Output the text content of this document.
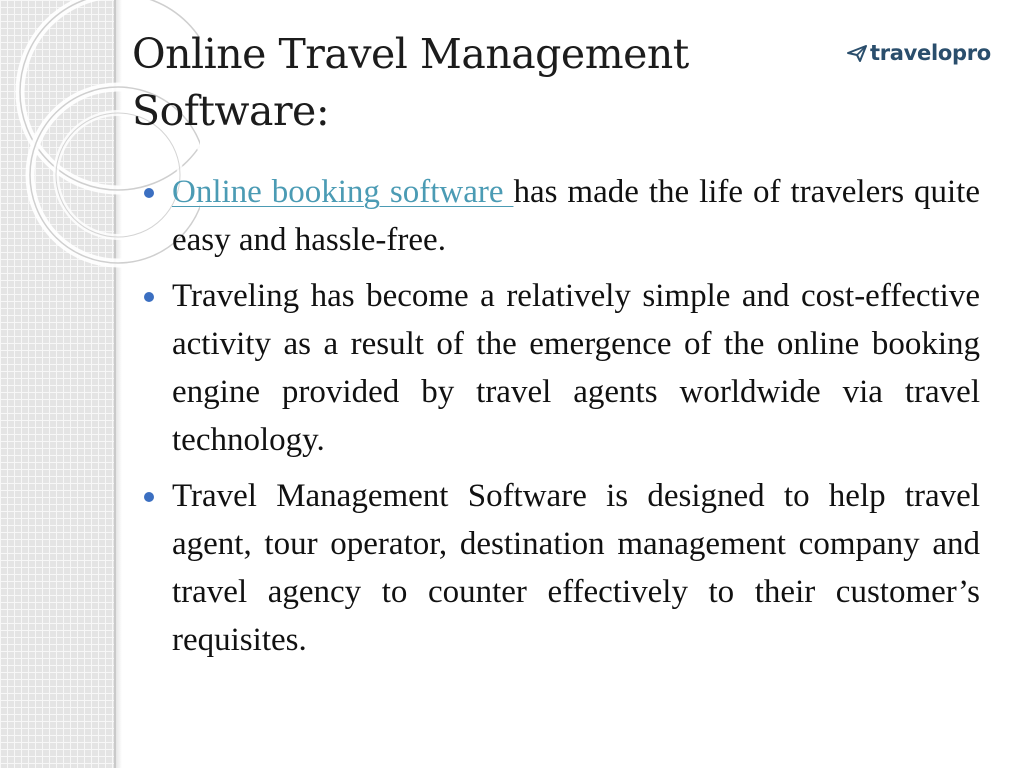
Online Travel Management Software:
travelopro
Online booking software has made the life of travelers quite easy and hassle-free.
Traveling has become a relatively simple and cost-effective activity as a result of the emergence of the online booking engine provided by travel agents worldwide via travel technology.
Travel Management Software is designed to help travel agent, tour operator, destination management company and travel agency to counter effectively to their customer’s requisites.
